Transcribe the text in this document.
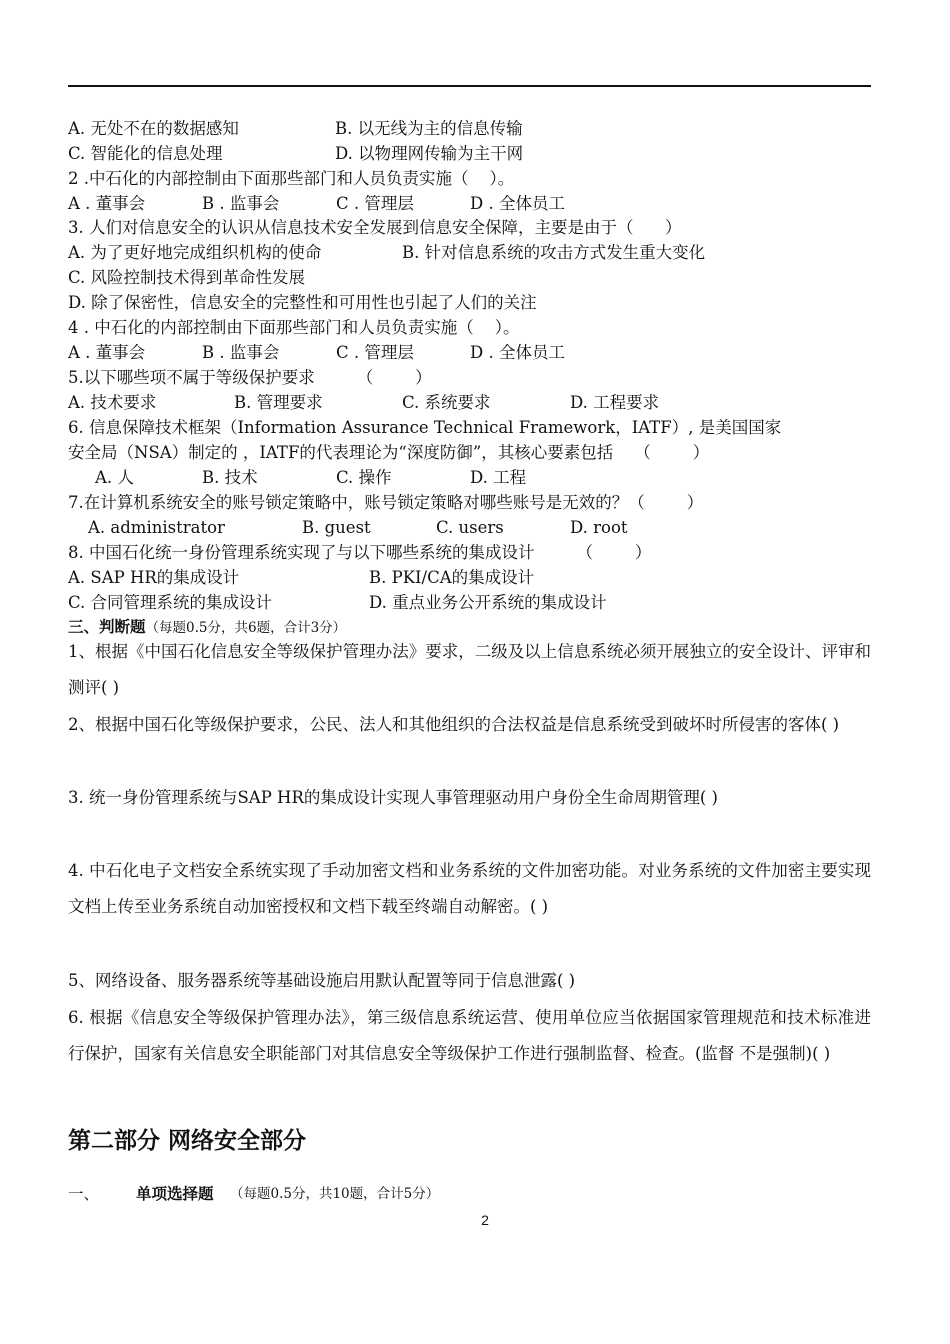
A. 无处不在的数据感知	B. 以无线为主的信息传输
C. 智能化的信息处理	D. 以物理网传输为主干网
2 .中石化的内部控制由下面那些部门和人员负责实施（    ）。
A . 董事会	B . 监事会	C . 管理层	D . 全体员工
3. 人们对信息安全的认识从信息技术安全发展到信息安全保障，主要是由于（      ）
A. 为了更好地完成组织机构的使命	B. 针对信息系统的攻击方式发生重大变化
C. 风险控制技术得到革命性发展
D. 除了保密性，信息安全的完整性和可用性也引起了人们的关注
4 . 中石化的内部控制由下面那些部门和人员负责实施（    ）。
A . 董事会	B . 监事会	C . 管理层	D . 全体员工
5.以下哪些项不属于等级保护要求        （        ）
A. 技术要求	B. 管理要求	C. 系统要求	D. 工程要求
6. 信息保障技术框架（Information Assurance Technical Framework，IATF）, 是美国国家
安全局（NSA）制定的 ，IATF的代表理论为“深度防御”，其核心要素包括    （        ）
A. 人	B. 技术	C. 操作	D. 工程
7.在计算机系统安全的账号锁定策略中，账号锁定策略对哪些账号是无效的？（        ）
A. administrator	B. guest	C. users	D. root
8. 中国石化统一身份管理系统实现了与以下哪些系统的集成设计        （        ）
A. SAP HR的集成设计	B. PKI/CA的集成设计
C. 合同管理系统的集成设计	D. 重点业务公开系统的集成设计
三、判断题（每题0.5分，共6题，合计3分）
1、根据《中国石化信息安全等级保护管理办法》要求，二级及以上信息系统必须开展独立的安全设计、评审和测评( )
2、根据中国石化等级保护要求，公民、法人和其他组织的合法权益是信息系统受到破坏时所侵害的客体( )
3. 统一身份管理系统与SAP HR的集成设计实现人事管理驱动用户身份全生命周期管理( )
4. 中石化电子文档安全系统实现了手动加密文档和业务系统的文件加密功能。对业务系统的文件加密主要实现文档上传至业务系统自动加密授权和文档下载至终端自动解密。( )
5、网络设备、服务器系统等基础设施启用默认配置等同于信息泄露( )
6. 根据《信息安全等级保护管理办法》，第三级信息系统运营、使用单位应当依据国家管理规范和技术标准进行保护，国家有关信息安全职能部门对其信息安全等级保护工作进行强制监督、检查。(监督 不是强制)( )
第二部分 网络安全部分
一、 单项选择题 （每题0.5分，共10题，合计5分）
2
